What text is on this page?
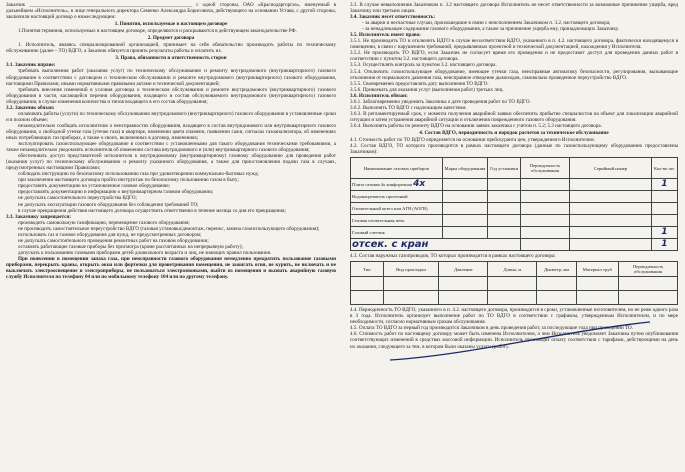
Заказчик ________________________________________________________________ с одной стороны, ОАО «Краснодаргоргаз», именуемый в дальнейшем «Исполнитель», в лице генерального директора Семенко Александра Борисовича, действующего на основании Устава, с другой стороны, заключили настоящий договор о нижеследующем:

1. Понятия, используемые в настоящем договоре

1.Понятия терминов, используемых в настоящем договоре, определяются и раскрываются в действующем законодательстве РФ.

2. Предмет договора

1. Исполнитель, являясь специализированной организацией, принимает на себя обязательство производить работы по техническому обслуживанию (далее – ТО) ВДГО, а Заказчик обязуется принять результаты работы и оплатить их.

3. Права, обязанности и ответственность сторон

3.1. Заказчик вправе:

требовать выполнения работ (оказания услуг) по техническому обслуживанию и ремонту внутридомового (внутриквартирного) газового оборудования в соответствии с договором о техническом обслуживании и ремонте внутридомового (внутриквартирного) газового оборудования, настоящими Правилами, иными нормативными правовыми актами и технической документацией;

требовать внесения изменений в условия договора о техническом обслуживании и ремонте внутридомового (внутриквартирного) газового оборудования в части, касающейся перечня оборудования, входящего в состав обслуживаемого внутридомового (внутриквартирного) газового оборудования, в случае изменения количества и типов входящего в его состав оборудования;

3.2. Заказчик обязан:

оплачивать работы (услуги) по техническому обслуживанию внутридомового (внутриквартирного) газового оборудования в установленные сроки и в полном объеме;

незамедлительно сообщать исполнителю о неисправностях оборудования, входящего в состав внутридомового или внутриквартирного газового оборудования, о свободной утечке газа (утечке газа) в квартире, изменении цвета пламени, появлении сажи, сигналах газоанализатора, об изменениях иных потребляющих газ приборах, а также о своих, включенных в договор, изменениях;

эксплуатировать газоиспользующее оборудование в соответствии с установленными для такого оборудования техническими требованиями, а также незамедлительно уведомлять исполнителя об изменении состава внутридомового и (или) внутриквартирного газового оборудования;

обеспечивать доступ представителей исполнителя к внутридомовому (внутриквартирному) газовому оборудованию для проведения работ (оказания услуг) по техническому обслуживанию и ремонту указанного оборудования, а также для приостановления подачи газа в случаях, предусмотренных настоящими Правилами;

соблюдать инструкцию по безопасному использованию газа при удовлетворении коммунально-бытовых нужд;

при заключении настоящего договора пройти инструктаж по безопасному пользованию газом в быту;

предоставить документацию на установленное газовое оборудование;

предоставлять документацию и информацию о внутриквартирном газовом оборудовании;

не допускать самостоятельного переустройства ВДГО;

не допускать эксплуатации газового оборудования без соблюдения требований ТО;

в случае прекращения действия настоящего договора осуществить ответственно в течение месяца со дня его прекращения;

3.3. Заказчику запрещается:

производить самовольную газификацию, перемещение газового оборудования;

не производить самостоятельное переустройство ВДГО (газовая установка/демонтаж, перенос, замена газоиспользующего оборудования);

использовать газ и газовое оборудование для нужд, не предусмотренных договором;

не допускать самостоятельного проведения ремонтных работ на газовом оборудовании;

оставлять работающие газовые приборы без присмотра (кроме рассчитанных на непрерывную работу);

допускать к пользованию газовыми приборами детей дошкольного возраста и лиц, не знающих правил пользования.

При появлении в помещении запаха газа, при неисправности газового оборудования немедленно прекратить пользование газовыми приборами, перекрыть краны, открыть окна или форточки для проветривания помещения, не зажигать огня, не курить, не включать и не выключать электроосвещение и электроприборы, не пользоваться электрозвонками, выйти из помещения и вызвать аварийную газовую службу Исполнителя по телефону 04 или по мобильному телефону 104 или по другому телефону.

3.3. В случае невыполнения Заказчиком п. 3.2 настоящего договора Исполнитель не несет ответственности за возможные причинение ущерба, вред Заказчику или третьим лицам.

3.4. Заказчик несет ответственность:

- за аварии и несчастные случаи, произошедшие в связи с неисполнением Заказчиком п. 3.2. настоящего договора;

- за ненадлежащее содержание газового оборудования, а также за причинение ущерба ему, принадлежащих Заказчику.

3.5. Исполнитель имеет право:

3.5.1. Не производить ТО и отключить ВДГО в случае несоответствия ВДГО, указанного в п. 4.2. настоящего договора, фактически находящемуся в помещении, в связи с нарушением требований, предъявляемых проектной и технической документацией, нахождения у Исполнителя.

3.5.2. Не производить ТО ВДГО, если Заказчик не согласует время его проведения и не предоставит доступ для проведения данных работ в соответствии с пунктом 3.2. настоящего договора.

3.5.3. Осуществлять контроль за пунктом 3.2. настоящего договора.

3.5.4. Отключить газоиспользующее оборудование, имеющее утечки газа, неисправные автоматику безопасности, регулирования, вызывающие отклонения от нормального давления газа, неисправное отведение дымоходов, самовольно проведенное переустройство ВДГО.

3.5.5. Своевременно предоставлять дату выполнения ТО ВДГО.

3.5.6. Привлекать для оказания услуг (выполнения работ) третьих лиц.

3.6. Исполнитель обязан:

3.6.1. Заблаговременно уведомить Заказчика о дате проведения работ по ТО ВДГО.

3.6.2. Выполнять ТО ВДГО с надлежащим качеством.

3.6.3. В регламентируемый срок, с момента получения аварийной заявки обеспечить прибытие специалистов на объект для локализации аварийной ситуации и затем устранения аварийной ситуации и отключения поврежденного газового оборудования.

3.6.4. Выполнять работы по ремонту ВДГО на основании заявок заказчика с учетом п. 5.2; 5.3 настоящего договора.

4. Состав ВДГО, периодичность и порядок расчетов за техническое обслуживание

4.1. Стоимость работ по ТО ВДГО определяется на основании прейскуранта цен, утвержденного Исполнителем.

4.2. Состав ВДГО, ТО которого производится в рамках настоящего договора (данные по газоиспользующему оборудованию предоставлены Заказчиком):

Наименование газовых приборов	Марка оборудования	Год установки	Периодичность обслуживания	Серийный номер	Кол-во шт.
Плита газовая 4х конфорочная 4х					1
Водонагреватель проточный					
Отопительный котел или АГВ (АОГВ)					
Газовая отопительная печь					
Газовый счетчик					1
отсек. с кран					1

4.3. Состав наружных газопроводов, ТО которых производится в рамках настоящего договора:

Тип	Вид прокладки	Давление	Длина, м	Диаметр, мм	Материал труб	Периодичность обслуживания

4.4. Периодичность ТО ВДГО, указанного в п. 4.2. настоящего договора, производится в сроки, установленные изготовителем, но не реже одного раза в 3 года. Исполнитель организует выполнение работ по ТО ВДГО в соответствии с графиком, утвержденным Исполнителем, и по мере необходимости, согласно нормативным срокам обслуживания.

4.5. Оплата ТО ВДГО за первый год производится Заказчиком в день проведения работ, за последующие года при проведении ТО.

4.6. Стоимость работ по настоящему договору может быть изменена Исполнителем, о чем Исполнитель уведомляет Заказчика путем опубликования соответствующих изменений в средствах массовой информации. Исполнитель производит оплату соответствии с тарифами, действующими на день их оказания, следующего за тем, в котором были оказаны услуги (работ).
